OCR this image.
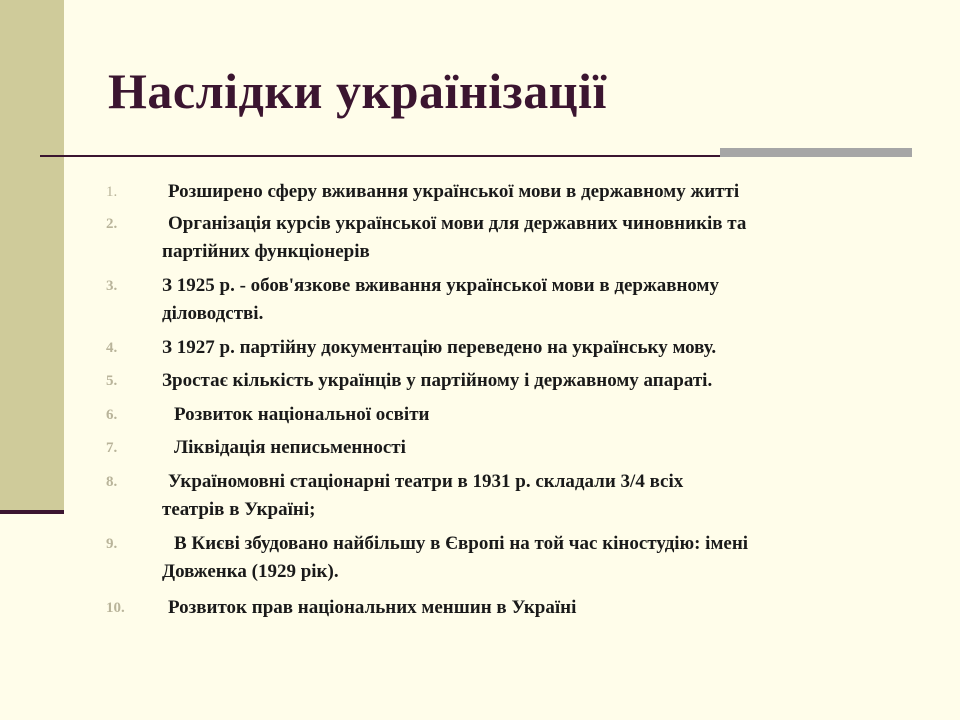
Наслідки українізації
1.	Розширено сферу вживання української мови в державному житті
2.	Організація курсів української мови для державних чиновників та
партійних функціонерів
3.	З 1925 р. - обов'язкове вживання української мови в державному
діловодстві.
4.	З 1927 р. партійну документацію переведено на українську мову.
5.	Зростає кількість українців у партійному і державному апараті.
6.	Розвиток національної освіти
7.	Ліквідація неписьменності
8.	Україномовні стаціонарні театри в 1931 р. складали 3/4 всіх
театрів в Україні;
9.	В Києві збудовано найбільшу в Європі на той час кіностудію: імені
Довженка (1929 рік).
10.	Розвиток прав національних меншин в Україні
